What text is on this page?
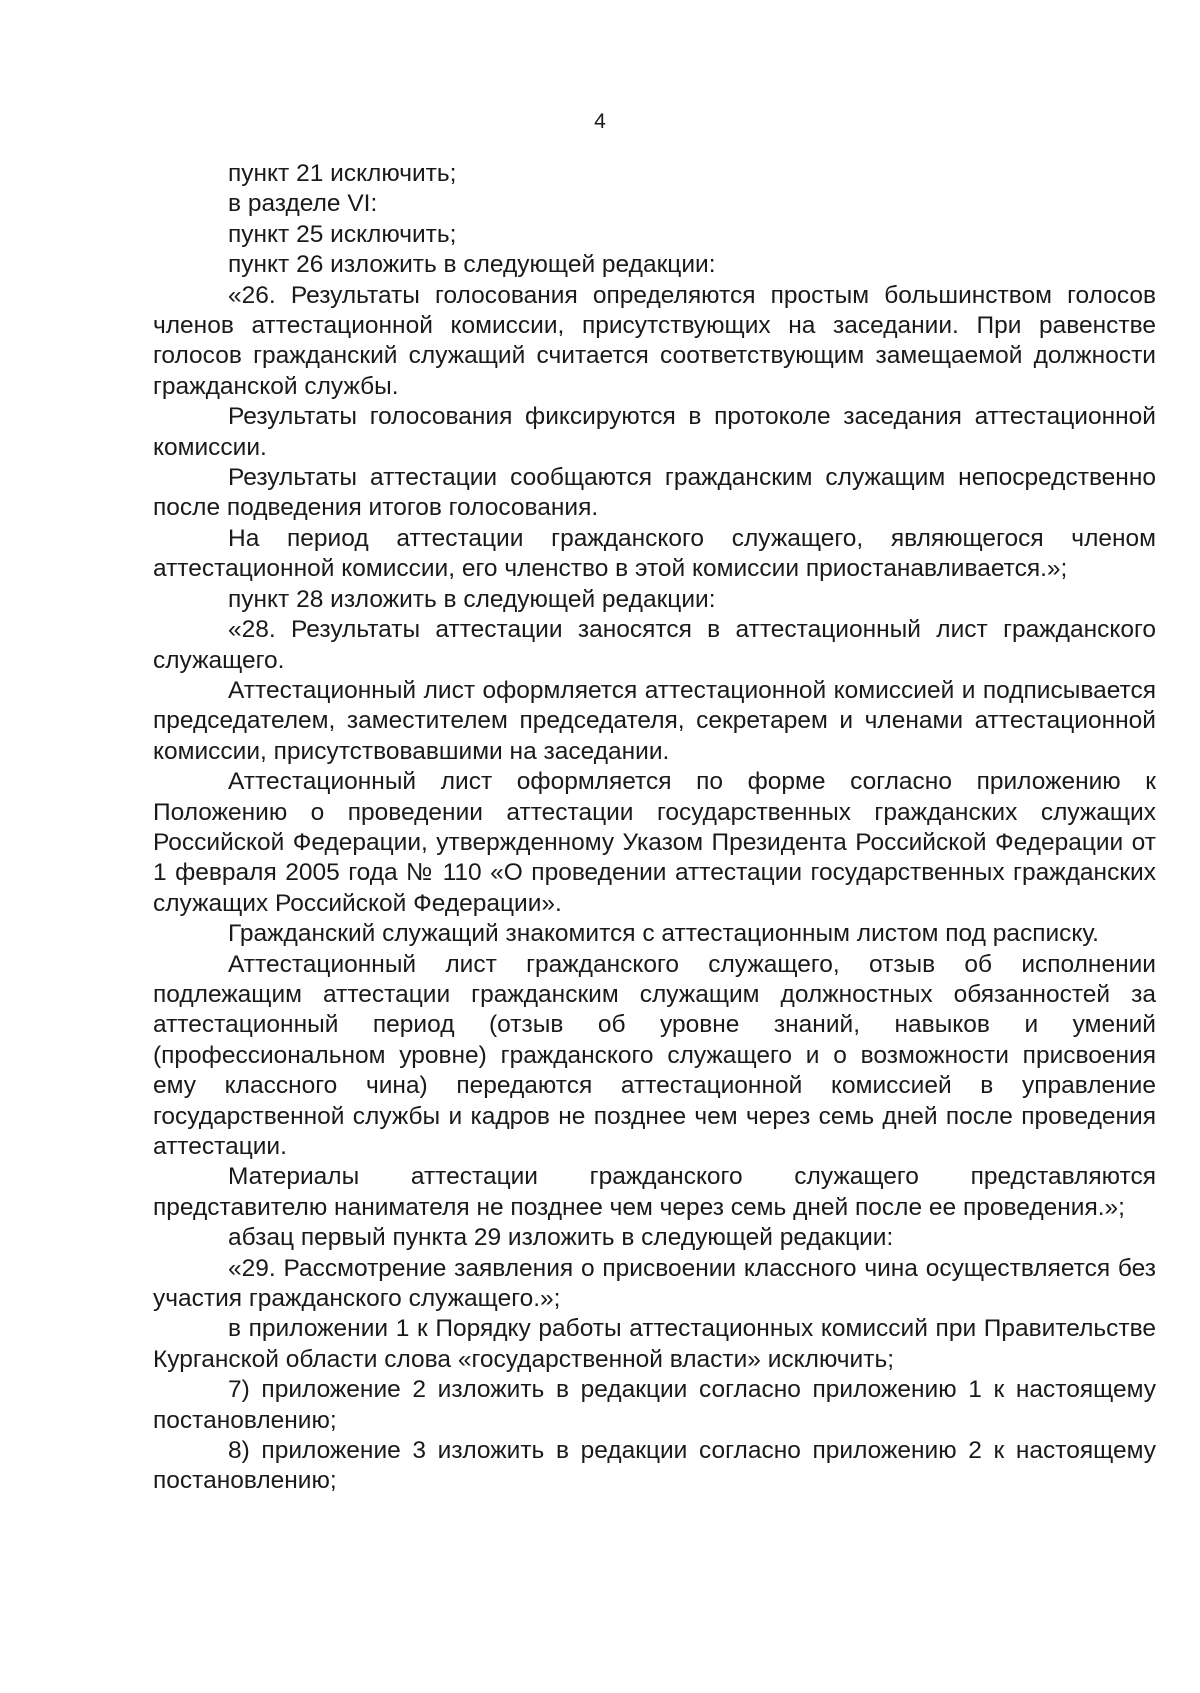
4

пункт 21 исключить;

в разделе VI:

пункт 25 исключить;

пункт 26 изложить в следующей редакции:

«26. Результаты голосования определяются простым большинством голосов членов аттестационной комиссии, присутствующих на заседании. При равенстве голосов гражданский служащий считается соответствующим замещаемой должности гражданской службы.

Результаты голосования фиксируются в протоколе заседания аттестационной комиссии.

Результаты аттестации сообщаются гражданским служащим непосредственно после подведения итогов голосования.

На период аттестации гражданского служащего, являющегося членом аттестационной комиссии, его членство в этой комиссии приостанавливается.»;

пункт 28 изложить в следующей редакции:

«28. Результаты аттестации заносятся в аттестационный лист гражданского служащего.

Аттестационный лист оформляется аттестационной комиссией и подписывается председателем, заместителем председателя, секретарем и членами аттестационной комиссии, присутствовавшими на заседании.

Аттестационный лист оформляется по форме согласно приложению к Положению о проведении аттестации государственных гражданских служащих Российской Федерации, утвержденному Указом Президента Российской Федерации от 1 февраля 2005 года № 110 «О проведении аттестации государственных гражданских служащих Российской Федерации».

Гражданский служащий знакомится с аттестационным листом под расписку.

Аттестационный лист гражданского служащего, отзыв об исполнении подлежащим аттестации гражданским служащим должностных обязанностей за аттестационный период (отзыв об уровне знаний, навыков и умений (профессиональном уровне) гражданского служащего и о возможности присвоения ему классного чина) передаются аттестационной комиссией в управление государственной службы и кадров не позднее чем через семь дней после проведения аттестации.

Материалы аттестации гражданского служащего представляются представителю нанимателя не позднее чем через семь дней после ее проведения.»;

абзац первый пункта 29 изложить в следующей редакции:

«29. Рассмотрение заявления о присвоении классного чина осуществляется без участия гражданского служащего.»;

в приложении 1 к Порядку работы аттестационных комиссий при Правительстве Курганской области слова «государственной власти» исключить;

7) приложение 2 изложить в редакции согласно приложению 1 к настоящему постановлению;

8) приложение 3 изложить в редакции согласно приложению 2 к настоящему постановлению;
